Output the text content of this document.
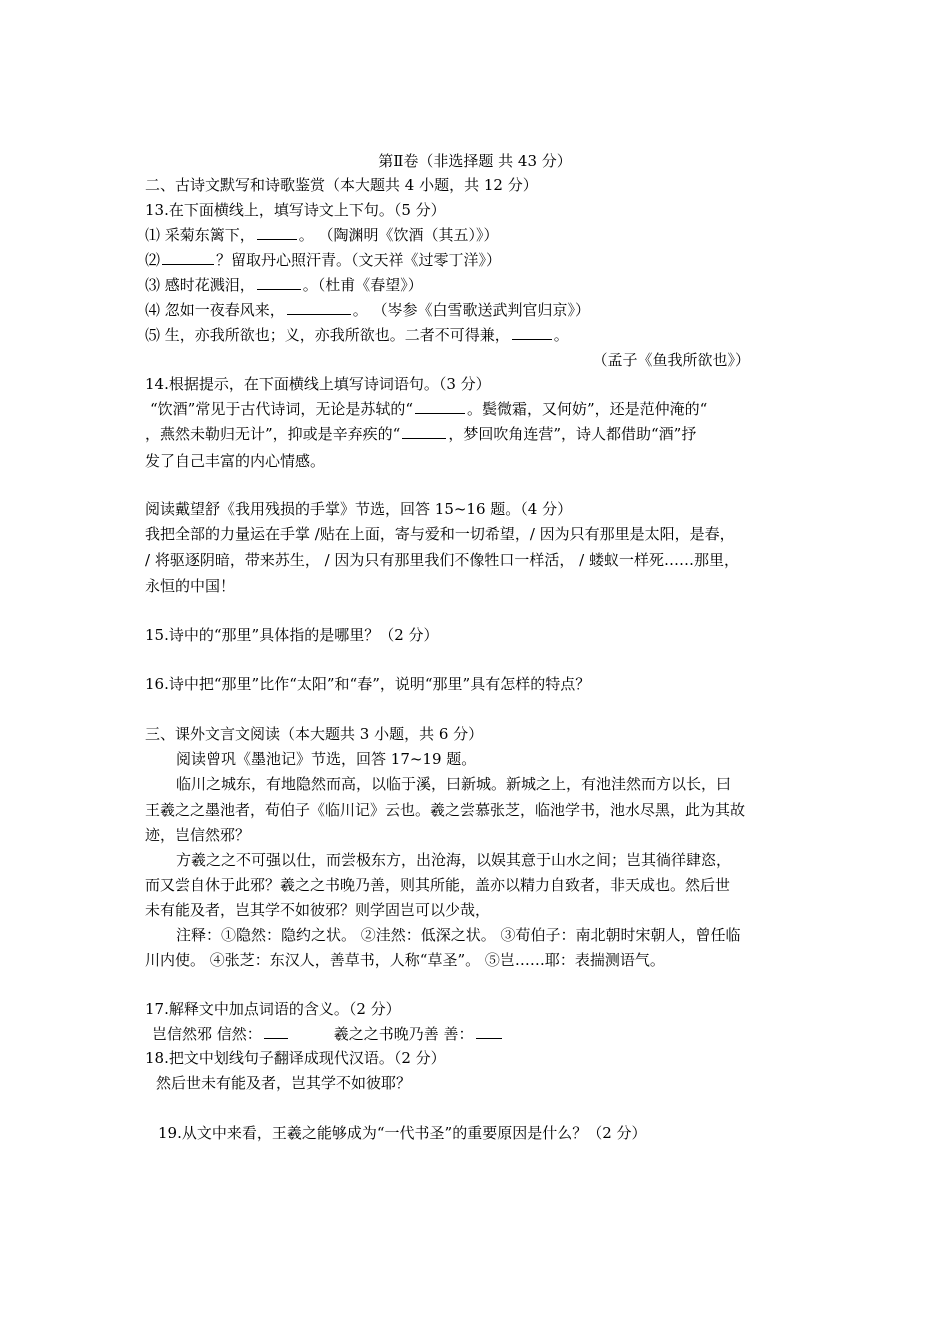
第Ⅱ卷（非选择题 共 43 分）
二、古诗文默写和诗歌鉴赏（本大题共 4 小题，共 12 分）
13.在下面横线上，填写诗文上下句。（5 分）
⑴ 采菊东篱下，	。 （陶渊明《饮酒（其五）》）
⑵	？留取丹心照汗青。（文天祥《过零丁洋》）
⑶ 感时花溅泪，	。（杜甫《春望》）
⑷ 忽如一夜春风来，	。 （岑参《白雪歌送武判官归京》）
⑸ 生，亦我所欲也；义，亦我所欲也。二者不可得兼，	。
（孟子《鱼我所欲也》）
14.根据提示，在下面横线上填写诗词语句。（3 分）
“饮酒”常见于古代诗词，无论是苏轼的“	。鬓微霜，又何妨”，还是范仲淹的“
，燕然未勒归无计”，抑或是辛弃疾的“	，梦回吹角连营”，诗人都借助“酒”抒
发了自己丰富的内心情感。
阅读戴望舒《我用残损的手掌》节选，回答 15~16 题。（4 分）
我把全部的力量运在手掌 /贴在上面，寄与爱和一切希望，/ 因为只有那里是太阳，是春，
/ 将驱逐阴暗，带来苏生， / 因为只有那里我们不像牲口一样活， / 蝼蚁一样死……那里，
永恒的中国！
15.诗中的“那里”具体指的是哪里？（2 分）
16.诗中把“那里”比作“太阳”和“春”，说明“那里”具有怎样的特点？
三、课外文言文阅读（本大题共 3 小题，共 6 分）
阅读曾巩《墨池记》节选，回答 17~19 题。
临川之城东，有地隐然而高，以临于溪，曰新城。新城之上，有池洼然而方以长，曰
王羲之之墨池者，荀伯子《临川记》云也。羲之尝慕张芝，临池学书，池水尽黑，此为其故
迹，岂信然邪？
方羲之之不可强以仕，而尝极东方，出沧海，以娱其意于山水之间；岂其徜徉肆恣，
而又尝自休于此邪？羲之之书晚乃善，则其所能，盖亦以精力自致者，非天成也。然后世
未有能及者，岂其学不如彼邪？则学固岂可以少哉，
注释：①隐然：隐约之状。 ②洼然：低深之状。 ③荀伯子：南北朝时宋朝人，曾任临
川内使。 ④张芝：东汉人，善草书，人称“草圣”。 ⑤岂……耶：表揣测语气。
17.解释文中加点词语的含义。（2 分）
岂信然邪 信然：	羲之之书晚乃善 善：
18.把文中划线句子翻译成现代汉语。（2 分）
然后世未有能及者，岂其学不如彼耶？
19.从文中来看，王羲之能够成为“一代书圣”的重要原因是什么？（2 分）
